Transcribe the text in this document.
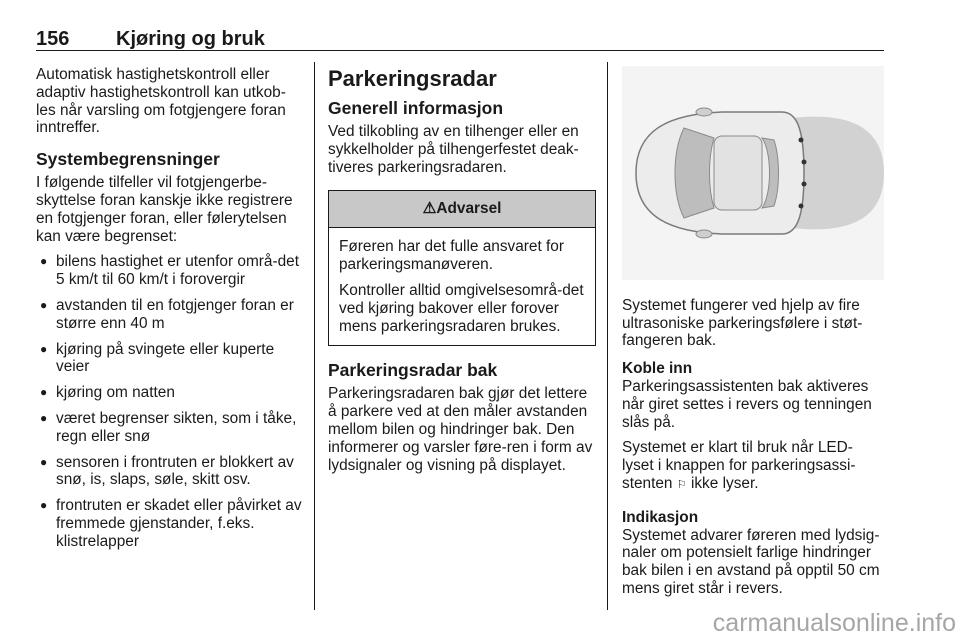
156 Kjøring og bruk

Automatisk hastighetskontroll eller adaptiv hastighetskontroll kan utkob-les når varsling om fotgjengere foran inntreffer.

Systembegrensninger

I følgende tilfeller vil fotgjengerbe-skyttelse foran kanskje ikke registrere en fotgjenger foran, eller følerytelsen kan være begrenset:

● bilens hastighet er utenfor områ-det 5 km/t til 60 km/t i forovergir
● avstanden til en fotgjenger foran er større enn 40 m
● kjøring på svingete eller kuperte veier
● kjøring om natten
● været begrenser sikten, som i tåke, regn eller snø
● sensoren i frontruten er blokkert av snø, is, slaps, søle, skitt osv.
● frontruten er skadet eller påvirket av fremmede gjenstander, f.eks. klistrelapper
Parkeringsradar
Generell informasjon

Ved tilkobling av en tilhenger eller en sykkelholder på tilhengerfestet deak-tiveres parkeringsradaren.

⚠Advarsel

Føreren har det fulle ansvaret for parkeringsmanøveren.

Kontroller alltid omgivelsesområ-det ved kjøring bakover eller forover mens parkeringsradaren brukes.

Parkeringsradar bak

Parkeringsradaren bak gjør det lettere å parkere ved at den måler avstanden mellom bilen og hindringer bak. Den informerer og varsler føre-ren i form av lydsignaler og visning på displayet.

Systemet fungerer ved hjelp av fire ultrasoniske parkeringsfølere i støt-fangeren bak.

Koble inn

Parkeringsassistenten bak aktiveres når giret settes i revers og tenningen slås på.

Systemet er klart til bruk når LED-lyset i knappen for parkeringsassi-stenten ⚐ ikke lyser.

Indikasjon

Systemet advarer føreren med lydsig-naler om potensielt farlige hindringer bak bilen i en avstand på opptil 50 cm mens giret står i revers.

carmanualsonline.info
